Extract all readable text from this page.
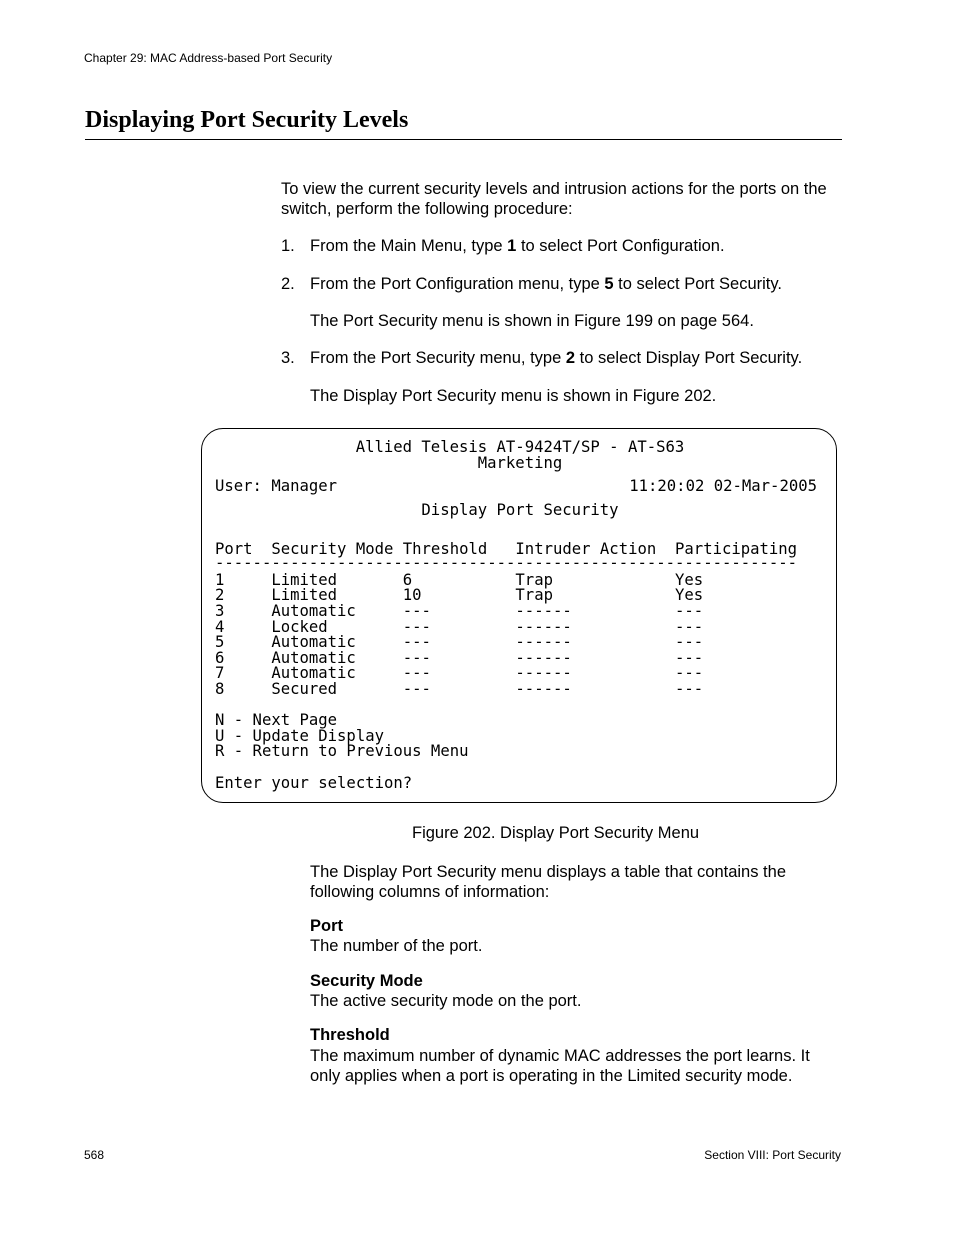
Chapter 29: MAC Address-based Port Security
Displaying Port Security Levels
To view the current security levels and intrusion actions for the ports on the switch, perform the following procedure:
1. From the Main Menu, type 1 to select Port Configuration.
2. From the Port Configuration menu, type 5 to select Port Security.
The Port Security menu is shown in Figure 199 on page 564.
3. From the Port Security menu, type 2 to select Display Port Security.
The Display Port Security menu is shown in Figure 202.
Allied Telesis AT-9424T/SP - AT-S63
Marketing
User: Manager	11:20:02 02-Mar-2005
Display Port Security
Port  Security Mode Threshold   Intruder Action  Participating
--------------------------------------------------------------
1     Limited       6           Trap             Yes
2     Limited       10          Trap             Yes
3     Automatic     ---         ------           ---
4     Locked        ---         ------           ---
5     Automatic     ---         ------           ---
6     Automatic     ---         ------           ---
7     Automatic     ---         ------           ---
8     Secured       ---         ------           ---
N - Next Page
U - Update Display
R - Return to Previous Menu
Enter your selection?
Figure 202. Display Port Security Menu
The Display Port Security menu displays a table that contains the following columns of information:
Port
The number of the port.
Security Mode
The active security mode on the port.
Threshold
The maximum number of dynamic MAC addresses the port learns. It only applies when a port is operating in the Limited security mode.
568	Section VIII: Port Security
